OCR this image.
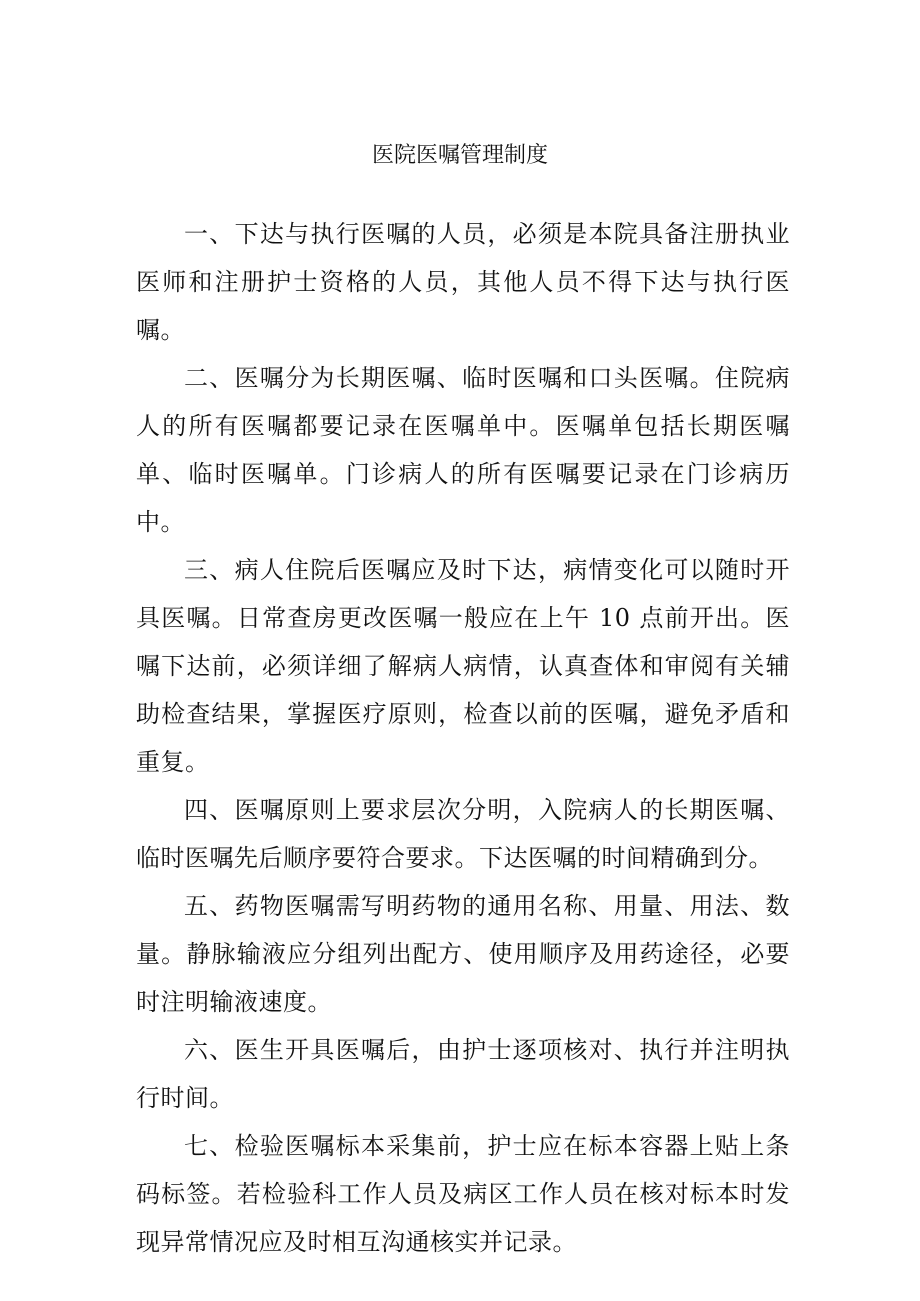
医院医嘱管理制度

一、下达与执行医嘱的人员，必须是本院具备注册执业医师和注册护士资格的人员，其他人员不得下达与执行医嘱。

二、医嘱分为长期医嘱、临时医嘱和口头医嘱。住院病人的所有医嘱都要记录在医嘱单中。医嘱单包括长期医嘱单、临时医嘱单。门诊病人的所有医嘱要记录在门诊病历中。

三、病人住院后医嘱应及时下达，病情变化可以随时开具医嘱。日常查房更改医嘱一般应在上午 10 点前开出。医嘱下达前，必须详细了解病人病情，认真查体和审阅有关辅助检查结果，掌握医疗原则，检查以前的医嘱，避免矛盾和重复。

四、医嘱原则上要求层次分明，入院病人的长期医嘱、临时医嘱先后顺序要符合要求。下达医嘱的时间精确到分。

五、药物医嘱需写明药物的通用名称、用量、用法、数量。静脉输液应分组列出配方、使用顺序及用药途径，必要时注明输液速度。

六、医生开具医嘱后，由护士逐项核对、执行并注明执行时间。

七、检验医嘱标本采集前，护士应在标本容器上贴上条码标签。若检验科工作人员及病区工作人员在核对标本时发现异常情况应及时相互沟通核实并记录。
